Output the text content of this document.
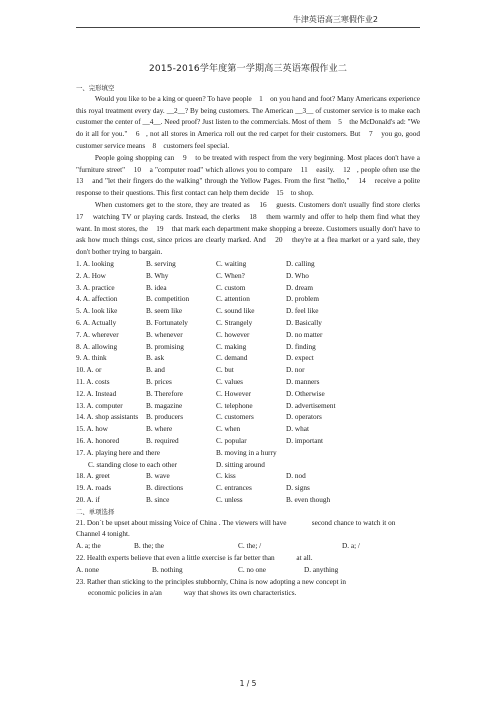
牛津英语高三寒假作业2
2015-2016学年度第一学期高三英语寒假作业二
一、完形填空
Would you like to be a king or queen? To have people    1    on you hand and foot? Many Americans experience this royal treatment every day. __2__? By being customers. The American __3__ of customer service is to make each customer the center of __4__. Need proof? Just listen to the commercials. Most of them    5    the McDonald's ad: "We do it all for you."    6   , not all stores in America roll out the red carpet for their customers. But    7    you go, good customer service means    8    customers feel special.
People going shopping can    9    to be treated with respect from the very beginning. Most places don't have a "furniture street"    10    a "computer road" which allows you to compare    11    easily.    12   , people often use the    13    and "let their fingers do the walking" through the Yellow Pages. From the first "hello,"    14    receive a polite response to their questions. This first contact can help them decide    15    to shop.
When customers get to the store, they are treated as    16    guests. Customers don't usually find store clerks    17    watching TV or playing cards. Instead, the clerks    18    them warmly and offer to help them find what they want. In most stores, the    19    that mark each department make shopping a breeze. Customers usually don't have to ask how much things cost, since prices are clearly marked. And    20    they're at a flea market or a yard sale, they don't bother trying to bargain.
1. A. looking	B. serving	C. waiting	D. calling
2. A. How	B. Why	C. When?	D. Who
3. A. practice	B. idea	C. custom	D. dream
4. A. affection	B. competition	C. attention	D. problem
5. A. look like	B. seem like	C. sound like	D. feel like
6. A. Actually	B. Fortunately	C. Strangely	D. Basically
7. A. wherever	B. whenever	C. however	D. no matter
8. A. allowing	B. promising	C. making	D. finding
9. A. think	B. ask	C. demand	D. expect
10. A. or	B. and	C. but	D. nor
11. A. costs	B. prices	C. values	D. manners
12. A. Instead	B. Therefore	C. However	D. Otherwise
13. A. computer	B. magazine	C. telephone	D. advertisement
14. A. shop assistants	B. producers	C. customers	D. operators
15. A. how	B. where	C. when	D. what
16. A. honored	B. required	C. popular	D. important
17. A. playing here and there	B. moving in a hurry
C. standing close to each other	D. sitting around
18. A. greet	B. wave	C. kiss	D. nod
19. A. roads	B. directions	C. entrances	D. signs
20. A. if	B. since	C. unless	B. even though
二、单项选择
21. Don`t be upset about missing Voice of China . The viewers will have              second chance to watch it on           Channel 4 tonight.
A. a; the	B. the; the	C. the; /	D. a; /
22. Health experts believe that even a little exercise is far better than            at all.
A. none	B. nothing	C. no one	D. anything
23. Rather than sticking to the principles stubbornly, China is now adopting a new concept in
economic policies in a/an            way that shows its own characteristics.
1 / 5
